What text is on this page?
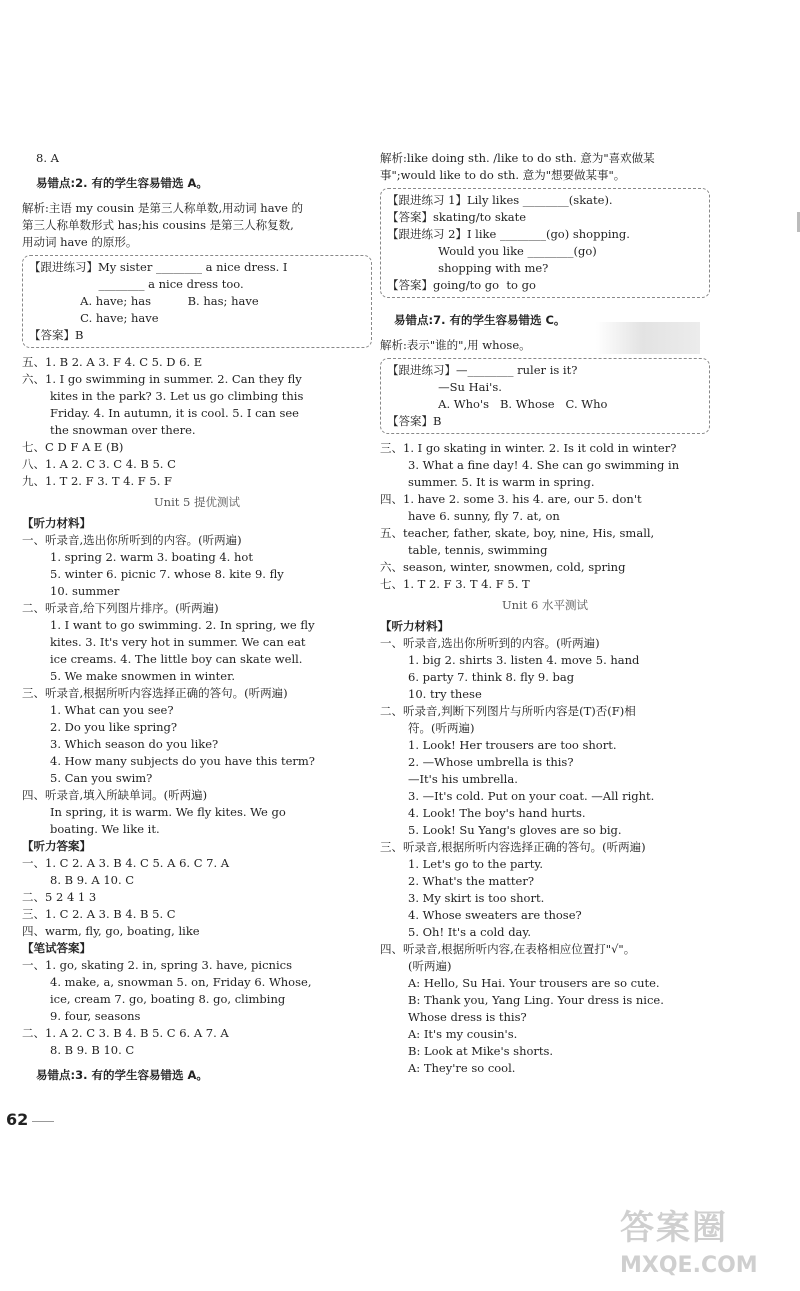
8. A
易错点:2. 有的学生容易错选 A。
解析:主语 my cousin 是第三人称单数,用动词 have 的
第三人称单数形式 has;his cousins 是第三人称复数,
用动词 have 的原形。
【跟进练习】My sister ________ a nice dress. I
________ a nice dress too.
A. have; has          B. has; have
C. have; have
【答案】B
五、1. B 2. A 3. F 4. C 5. D 6. E
六、1. I go swimming in summer. 2. Can they fly
kites in the park? 3. Let us go climbing this
Friday. 4. In autumn, it is cool. 5. I can see
the snowman over there.
七、C D F A E (B)
八、1. A 2. C 3. C 4. B 5. C
九、1. T 2. F 3. T 4. F 5. F
Unit 5 提优测试
【听力材料】
一、听录音,选出你所听到的内容。(听两遍)
1. spring 2. warm 3. boating 4. hot
5. winter 6. picnic 7. whose 8. kite 9. fly
10. summer
二、听录音,给下列图片排序。(听两遍)
1. I want to go swimming. 2. In spring, we fly
kites. 3. It's very hot in summer. We can eat
ice creams. 4. The little boy can skate well.
5. We make snowmen in winter.
三、听录音,根据所听内容选择正确的答句。(听两遍)
1. What can you see?
2. Do you like spring?
3. Which season do you like?
4. How many subjects do you have this term?
5. Can you swim?
四、听录音,填入所缺单词。(听两遍)
In spring, it is warm. We fly kites. We go
boating. We like it.
【听力答案】
一、1. C 2. A 3. B 4. C 5. A 6. C 7. A
8. B 9. A 10. C
二、5 2 4 1 3
三、1. C 2. A 3. B 4. B 5. C
四、warm, fly, go, boating, like
【笔试答案】
一、1. go, skating 2. in, spring 3. have, picnics
4. make, a, snowman 5. on, Friday 6. Whose,
ice, cream 7. go, boating 8. go, climbing
9. four, seasons
二、1. A 2. C 3. B 4. B 5. C 6. A 7. A
8. B 9. B 10. C
易错点:3. 有的学生容易错选 A。
解析:like doing sth. /like to do sth. 意为"喜欢做某
事";would like to do sth. 意为"想要做某事"。
【跟进练习 1】Lily likes ________(skate).
【答案】skating/to skate
【跟进练习 2】I like ________(go) shopping.
Would you like ________(go)
shopping with me?
【答案】going/to go  to go
易错点:7. 有的学生容易错选 C。
解析:表示"谁的",用 whose。
【跟进练习】—________ ruler is it?
—Su Hai's.
A. Who's   B. Whose   C. Who
【答案】B
三、1. I go skating in winter. 2. Is it cold in winter?
3. What a fine day! 4. She can go swimming in
summer. 5. It is warm in spring.
四、1. have 2. some 3. his 4. are, our 5. don't
have 6. sunny, fly 7. at, on
五、teacher, father, skate, boy, nine, His, small,
table, tennis, swimming
六、season, winter, snowmen, cold, spring
七、1. T 2. F 3. T 4. F 5. T
Unit 6 水平测试
【听力材料】
一、听录音,选出你所听到的内容。(听两遍)
1. big 2. shirts 3. listen 4. move 5. hand
6. party 7. think 8. fly 9. bag
10. try these
二、听录音,判断下列图片与所听内容是(T)否(F)相
符。(听两遍)
1. Look! Her trousers are too short.
2. —Whose umbrella is this?
—It's his umbrella.
3. —It's cold. Put on your coat. —All right.
4. Look! The boy's hand hurts.
5. Look! Su Yang's gloves are so big.
三、听录音,根据所听内容选择正确的答句。(听两遍)
1. Let's go to the party.
2. What's the matter?
3. My skirt is too short.
4. Whose sweaters are those?
5. Oh! It's a cold day.
四、听录音,根据所听内容,在表格相应位置打"√"。
(听两遍)
A: Hello, Su Hai. Your trousers are so cute.
B: Thank you, Yang Ling. Your dress is nice.
Whose dress is this?
A: It's my cousin's.
B: Look at Mike's shorts.
A: They're so cool.
62
答案圈
MXQE.COM
